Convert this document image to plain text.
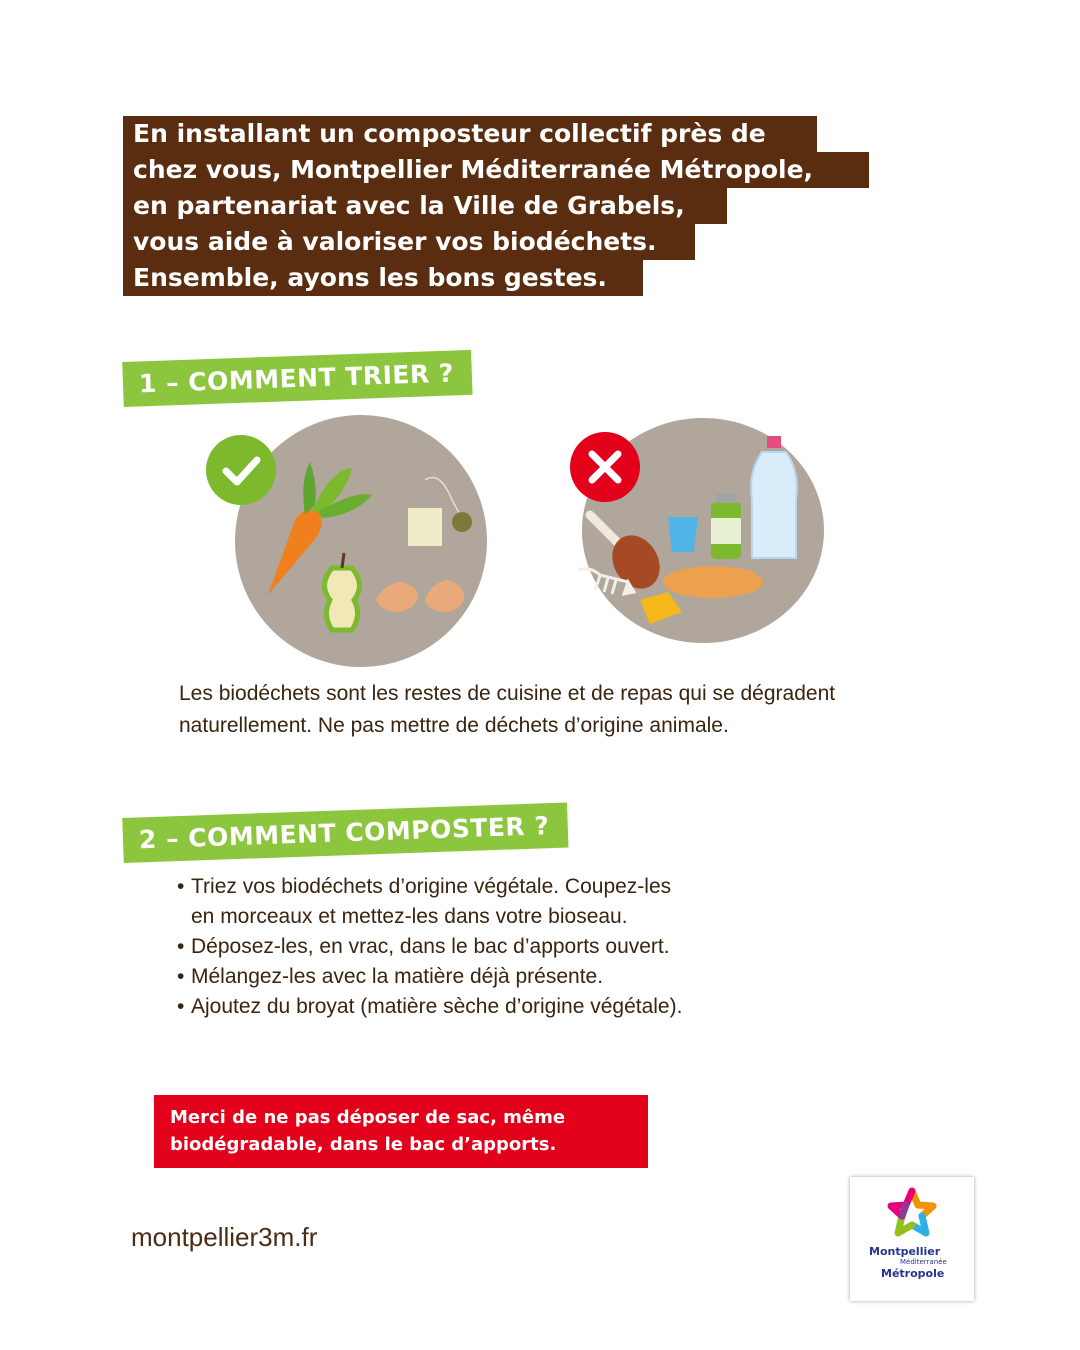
En installant un composteur collectif près de
chez vous, Montpellier Méditerranée Métropole,
en partenariat avec la Ville de Grabels,
vous aide à valoriser vos biodéchets.
Ensemble, ayons les bons gestes.
1 – COMMENT TRIER ?
Les biodéchets sont les restes de cuisine et de repas qui se dégradent naturellement. Ne pas mettre de déchets d’origine animale.
2 – COMMENT COMPOSTER ?
• Triez vos biodéchets d’origine végétale. Coupez-les
en morceaux et mettez-les dans votre bioseau.
• Déposez-les, en vrac, dans le bac d’apports ouvert.
• Mélangez-les avec la matière déjà présente.
• Ajoutez du broyat (matière sèche d’origine végétale).
Merci de ne pas déposer de sac, même biodégradable, dans le bac d’apports.
montpellier3m.fr	Montpellier
Méditerranée
Métropole
